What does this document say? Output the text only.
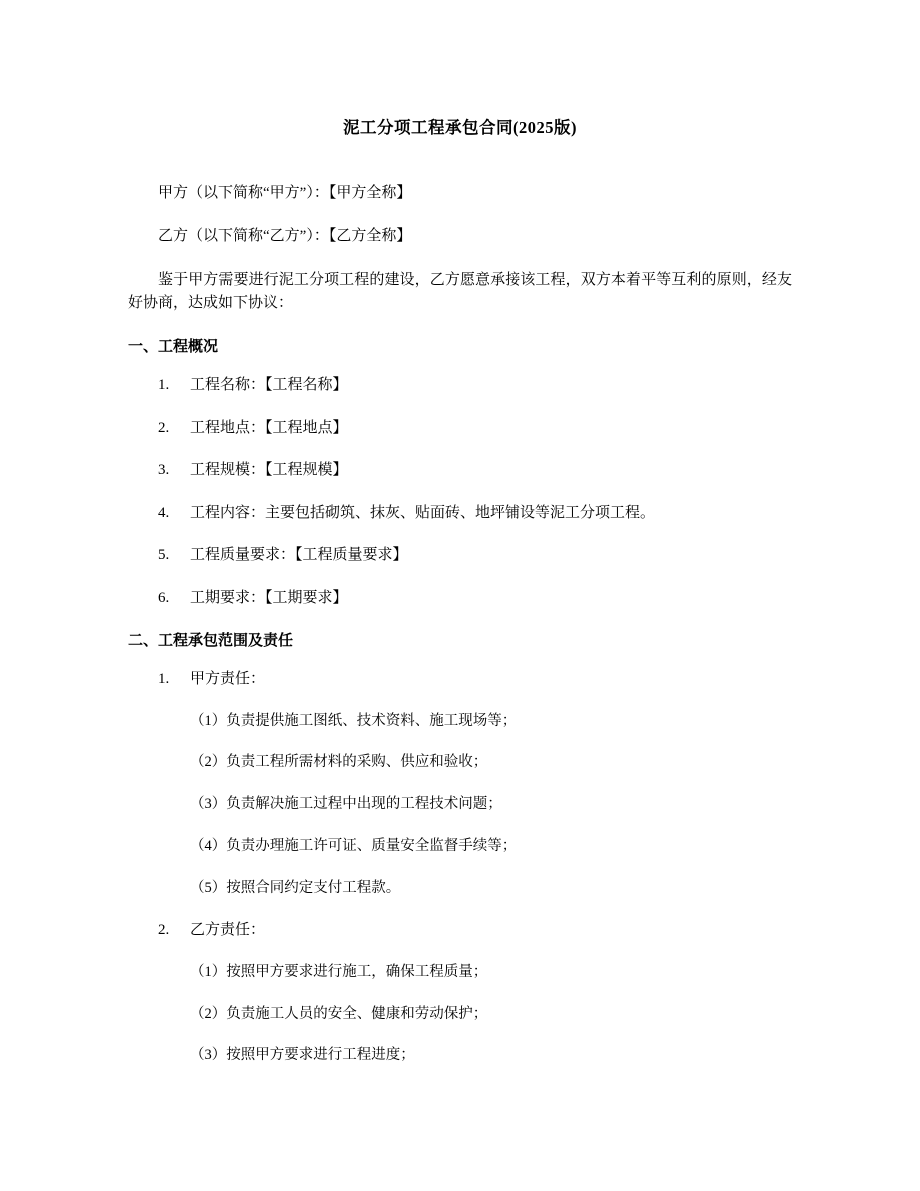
泥工分项工程承包合同(2025版)

甲方（以下简称“甲方”）：【甲方全称】

乙方（以下简称“乙方”）：【乙方全称】

鉴于甲方需要进行泥工分项工程的建设，乙方愿意承接该工程，双方本着平等互利的原则，经友好协商，达成如下协议：

一、工程概况
1. 工程名称：【工程名称】
2. 工程地点：【工程地点】
3. 工程规模：【工程规模】
4. 工程内容：主要包括砌筑、抹灰、贴面砖、地坪铺设等泥工分项工程。
5. 工程质量要求：【工程质量要求】
6. 工期要求：【工期要求】
二、工程承包范围及责任
1. 甲方责任：
（1）负责提供施工图纸、技术资料、施工现场等；
（2）负责工程所需材料的采购、供应和验收；
（3）负责解决施工过程中出现的工程技术问题；
（4）负责办理施工许可证、质量安全监督手续等；
（5）按照合同约定支付工程款。
2. 乙方责任：
（1）按照甲方要求进行施工，确保工程质量；
（2）负责施工人员的安全、健康和劳动保护；
（3）按照甲方要求进行工程进度；
